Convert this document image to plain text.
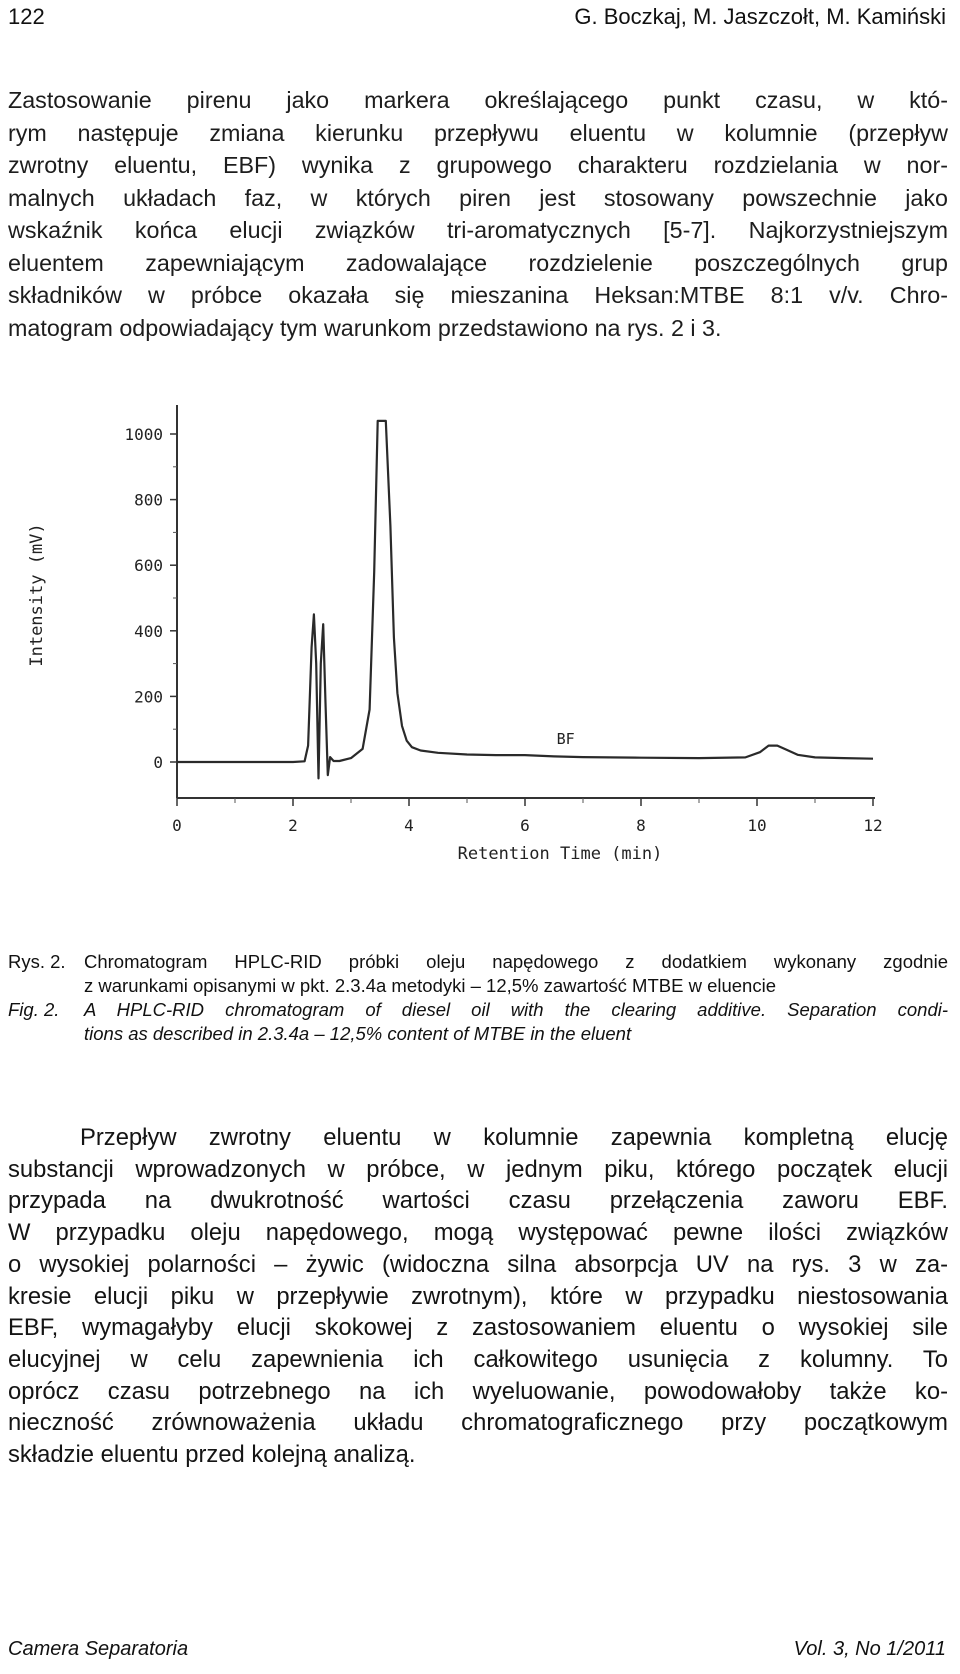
122	G. Boczkaj, M. Jaszczołt, M. Kamiński
Zastosowanie pirenu jako markera określającego punkt czasu, w któ-
rym następuje zmiana kierunku przepływu eluentu w kolumnie (przepływ
zwrotny eluentu, EBF) wynika z grupowego charakteru rozdzielania w nor-
malnych układach faz, w których piren jest stosowany powszechnie jako
wskaźnik końca elucji związków tri-aromatycznych [5-7]. Najkorzystniejszym
eluentem zapewniającym zadowalające rozdzielenie poszczególnych grup
składników w próbce okazała się mieszanina Heksan:MTBE 8:1 v/v. Chro-
matogram odpowiadający tym warunkom przedstawiono na rys. 2 i 3.
0
200
400
600
800
1000
0	2	4	6	8	10	12
Retention Time (min)
Intensity (mV)
BF
Rys. 2. Chromatogram HPLC-RID próbki oleju napędowego z dodatkiem wykonany zgodnie
z warunkami opisanymi w pkt. 2.3.4a metodyki – 12,5% zawartość MTBE w eluencie
Fig. 2. A HPLC-RID chromatogram of diesel oil with the clearing additive. Separation condi-
tions as described in 2.3.4a – 12,5% content of MTBE in the eluent
Przepływ zwrotny eluentu w kolumnie zapewnia kompletną elucję
substancji wprowadzonych w próbce, w jednym piku, którego początek elucji
przypada na dwukrotność wartości czasu przełączenia zaworu EBF.
W przypadku oleju napędowego, mogą występować pewne ilości związków
o wysokiej polarności – żywic (widoczna silna absorpcja UV na rys. 3 w za-
kresie elucji piku w przepływie zwrotnym), które w przypadku niestosowania
EBF, wymagałyby elucji skokowej z zastosowaniem eluentu o wysokiej sile
elucyjnej w celu zapewnienia ich całkowitego usunięcia z kolumny. To
oprócz czasu potrzebnego na ich wyeluowanie, powodowałoby także ko-
nieczność zrównoważenia układu chromatograficznego przy początkowym
składzie eluentu przed kolejną analizą.
Camera Separatoria	Vol. 3, No 1/2011
